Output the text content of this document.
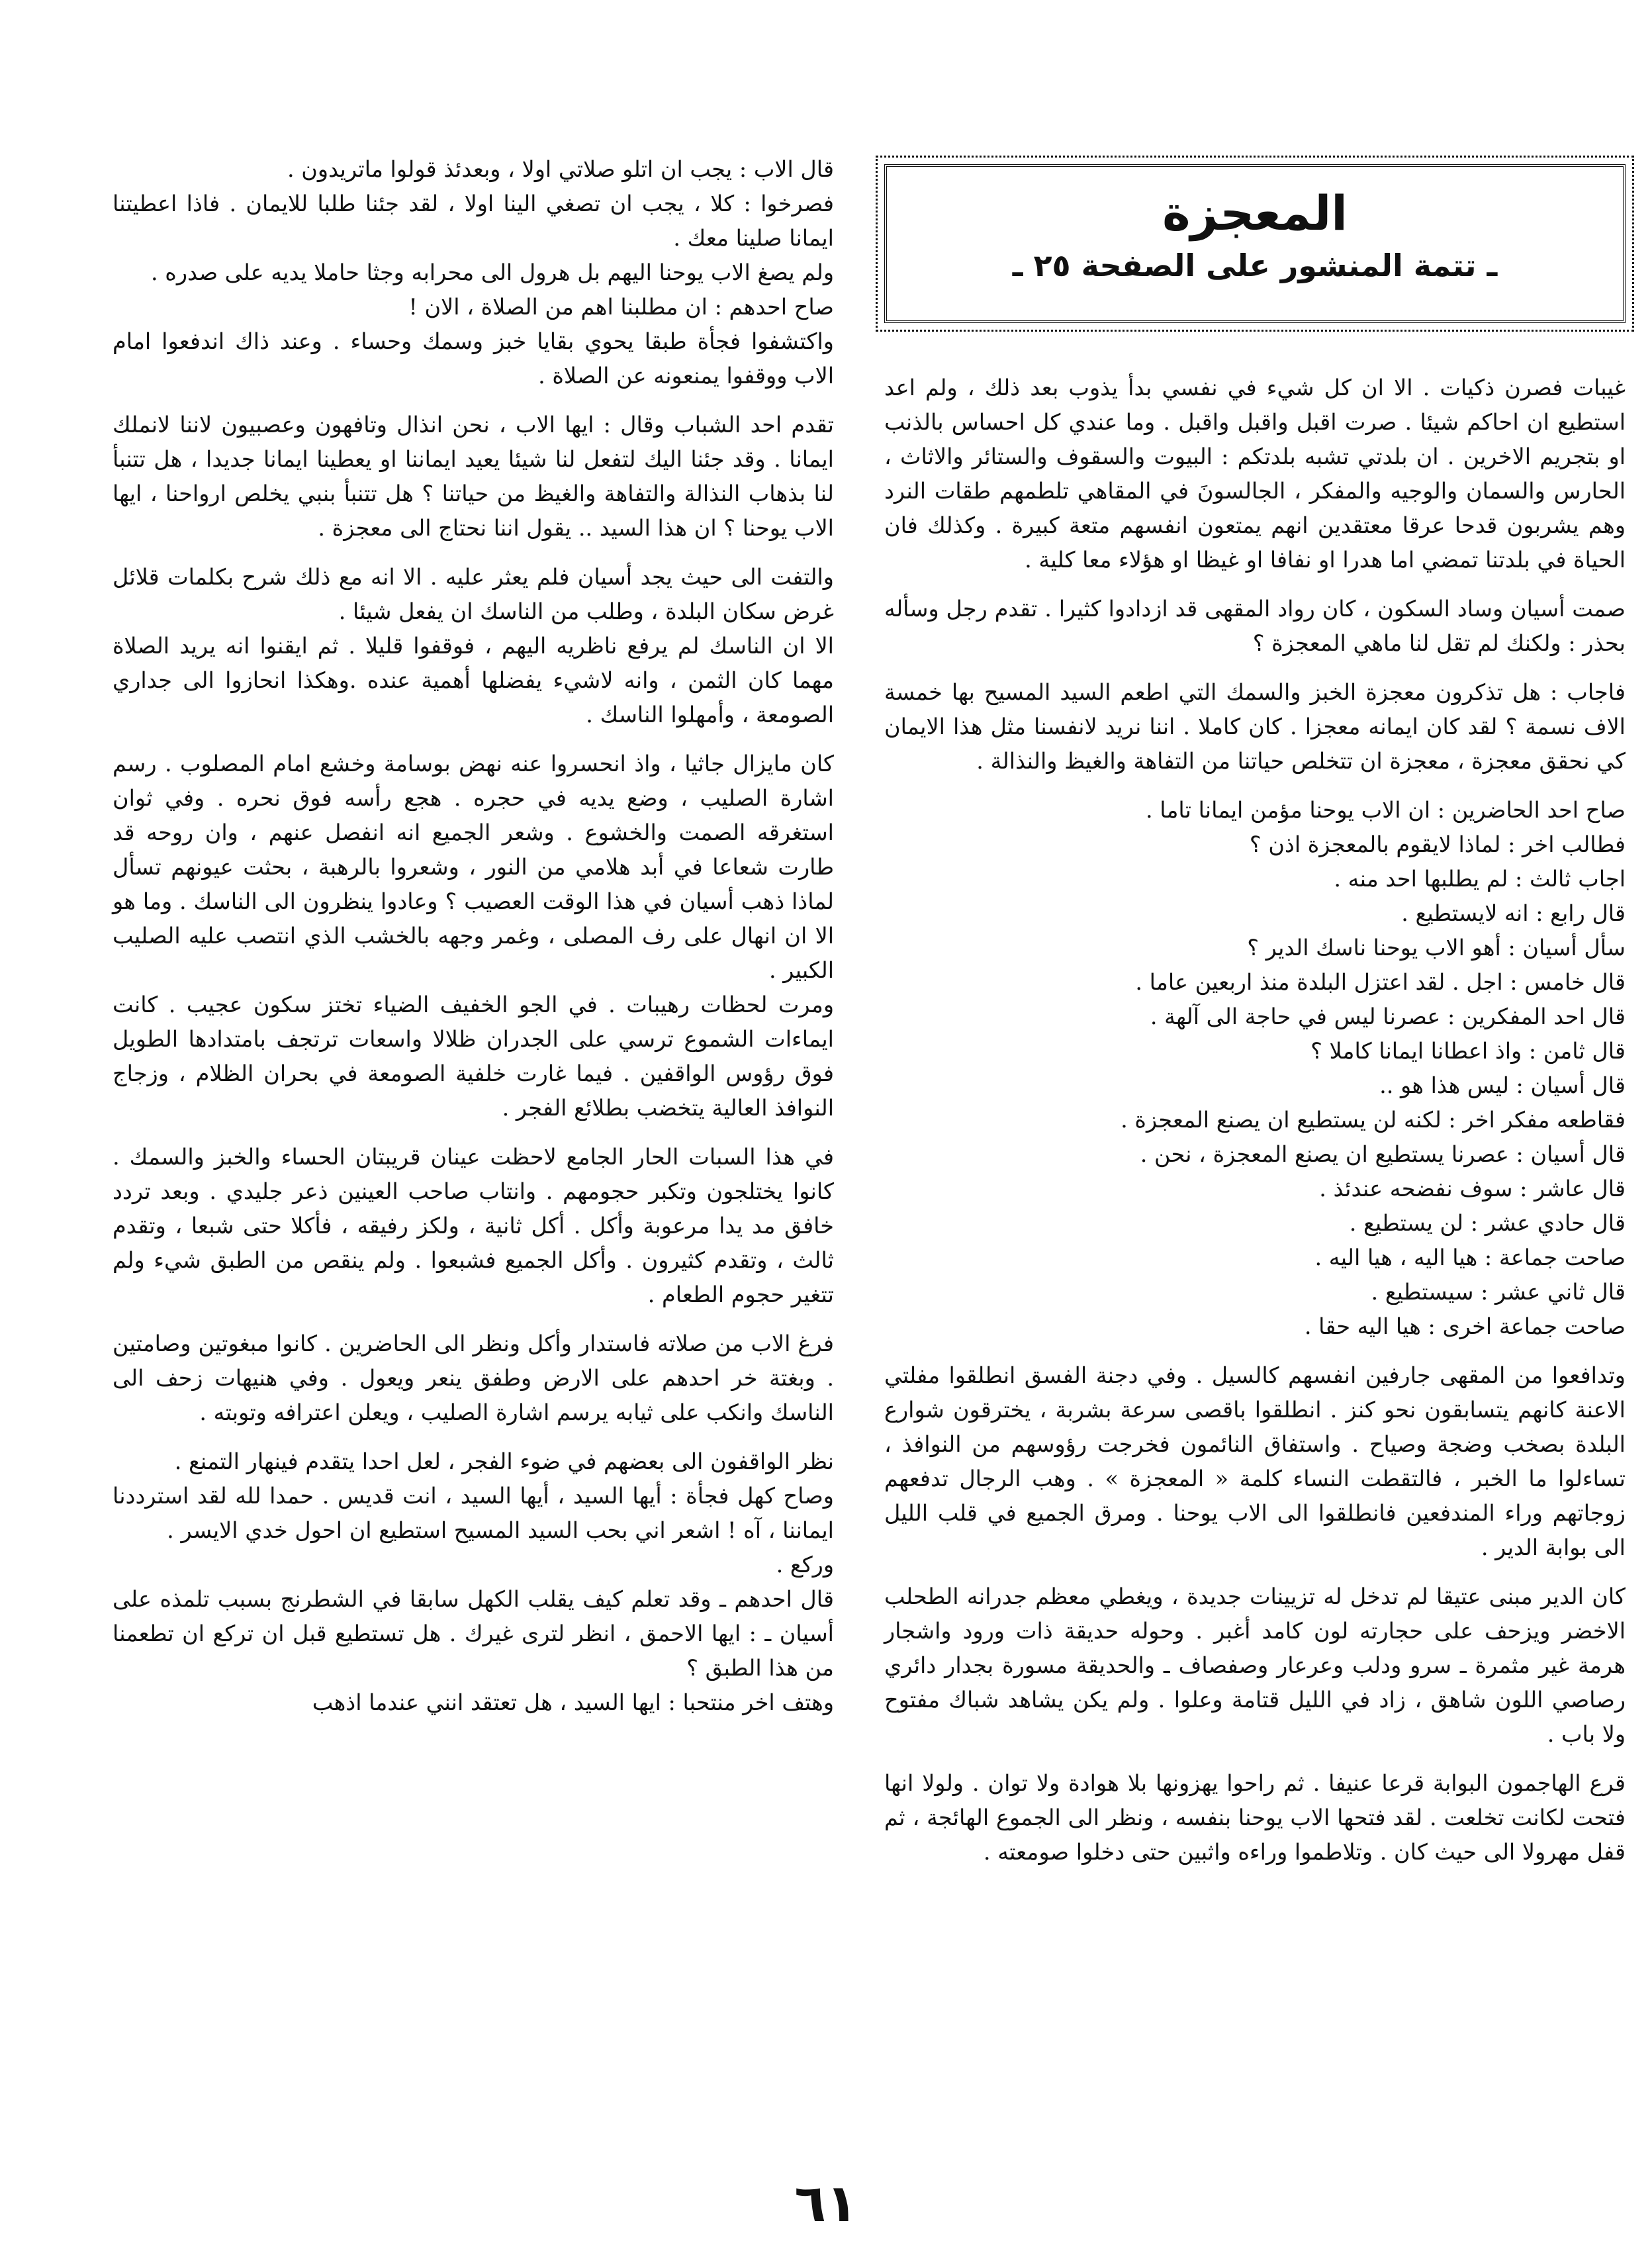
المعجزة
ـ تتمة المنشور على الصفحة ٢٥ ـ

غيبات فصرن ذكيات . الا ان كل شيء في نفسي بدأ يذوب بعد ذلك ، ولم اعد استطيع ان احاكم شيئا . صرت اقبل واقبل واقبل . وما عندي كل احساس بالذنب او بتجريم الاخرين . ان بلدتي تشبه بلدتكم : البيوت والسقوف والستائر والاثاث ، الحارس والسمان والوجيه والمفكر ، الجالسونَ في المقاهي تلطمهم طقات النرد وهم يشربون قدحا عرقا معتقدين انهم يمتعون انفسهم متعة كبيرة . وكذلك فان الحياة في بلدتنا تمضي اما هدرا او نفافا او غيظا او هؤلاء معا كلية .

صمت أسيان وساد السكون ، كان رواد المقهى قد ازدادوا كثيرا . تقدم رجل وسأله بحذر : ولكنك لم تقل لنا ماهي المعجزة ؟

فاجاب : هل تذكرون معجزة الخبز والسمك التي اطعم السيد المسيح بها خمسة الاف نسمة ؟ لقد كان ايمانه معجزا . كان كاملا . اننا نريد لانفسنا مثل هذا الايمان كي نحقق معجزة ، معجزة ان تتخلص حياتنا من التفاهة والغيظ والنذالة .

صاح احد الحاضرين : ان الاب يوحنا مؤمن ايمانا تاما .

فطالب اخر : لماذا لايقوم بالمعجزة اذن ؟

اجاب ثالث : لم يطلبها احد منه .

قال رابع : انه لايستطيع .

سأل أسيان : أهو الاب يوحنا ناسك الدير ؟

قال خامس : اجل . لقد اعتزل البلدة منذ اربعين عاما .

قال احد المفكرين : عصرنا ليس في حاجة الى آلهة .

قال ثامن : واذ اعطانا ايمانا كاملا ؟

قال أسيان : ليس هذا هو ..

فقاطعه مفكر اخر : لكنه لن يستطيع ان يصنع المعجزة .

قال أسيان : عصرنا يستطيع ان يصنع المعجزة ، نحن .

قال عاشر : سوف نفضحه عندئذ .

قال حادي عشر : لن يستطيع .

صاحت جماعة : هيا اليه ، هيا اليه .

قال ثاني عشر : سيستطيع .

صاحت جماعة اخرى : هيا اليه حقا .

وتدافعوا من المقهى جارفين انفسهم كالسيل . وفي دجنة الفسق انطلقوا مفلتي الاعنة كانهم يتسابقون نحو كنز . انطلقوا باقصى سرعة بشربة ، يخترقون شوارع البلدة بصخب وضجة وصياح . واستفاق النائمون فخرجت رؤوسهم من النوافذ ، تساءلوا ما الخبر ، فالتقطت النساء كلمة « المعجزة » . وهب الرجال تدفعهم زوجاتهم وراء المندفعين فانطلقوا الى الاب يوحنا . ومرق الجميع في قلب الليل الى بوابة الدير .

كان الدير مبنى عتيقا لم تدخل له تزيينات جديدة ، ويغطي معظم جدرانه الطحلب الاخضر ويزحف على حجارته لون كامد أغبر . وحوله حديقة ذات ورود واشجار هرمة غير مثمرة ـ سرو ودلب وعرعار وصفصاف ـ والحديقة مسورة بجدار دائري رصاصي اللون شاهق ، زاد في الليل قتامة وعلوا . ولم يكن يشاهد شباك مفتوح ولا باب .

قرع الهاجمون البوابة قرعا عنيفا . ثم راحوا يهزونها بلا هوادة ولا توان . ولولا انها فتحت لكانت تخلعت . لقد فتحها الاب يوحنا بنفسه ، ونظر الى الجموع الهائجة ، ثم قفل مهرولا الى حيث كان . وتلاطموا وراءه واثبين حتى دخلوا صومعته .

قال الاب : يجب ان اتلو صلاتي اولا ، وبعدئذ قولوا ماتريدون .

فصرخوا : كلا ، يجب ان تصغي الينا اولا ، لقد جئنا طلبا للايمان . فاذا اعطيتنا ايمانا صلينا معك .

ولم يصغ الاب يوحنا اليهم بل هرول الى محرابه وجثا حاملا يديه على صدره .

صاح احدهم : ان مطلبنا اهم من الصلاة ، الان !

واكتشفوا فجأة طبقا يحوي بقايا خبز وسمك وحساء . وعند ذاك اندفعوا امام الاب ووقفوا يمنعونه عن الصلاة .

تقدم احد الشباب وقال : ايها الاب ، نحن انذال وتافهون وعصبيون لاننا لانملك ايمانا . وقد جئنا اليك لتفعل لنا شيئا يعيد ايماننا او يعطينا ايمانا جديدا ، هل تتنبأ لنا بذهاب النذالة والتفاهة والغيظ من حياتنا ؟ هل تتنبأ بنبي يخلص ارواحنا ، ايها الاب يوحنا ؟ ان هذا السيد .. يقول اننا نحتاج الى معجزة .

والتفت الى حيث يجد أسيان فلم يعثر عليه . الا انه مع ذلك شرح بكلمات قلائل غرض سكان البلدة ، وطلب من الناسك ان يفعل شيئا .

الا ان الناسك لم يرفع ناظريه اليهم ، فوقفوا قليلا . ثم ايقنوا انه يريد الصلاة مهما كان الثمن ، وانه لاشيء يفضلها أهمية عنده .وهكذا انحازوا الى جداري الصومعة ، وأمهلوا الناسك .

كان مايزال جاثيا ، واذ انحسروا عنه نهض بوسامة وخشع امام المصلوب . رسم اشارة الصليب ، وضع يديه في حجره . هجع رأسه فوق نحره . وفي ثوان استغرقه الصمت والخشوع . وشعر الجميع انه انفصل عنهم ، وان روحه قد طارت شعاعا في أبد هلامي من النور ، وشعروا بالرهبة ، بحثت عيونهم تسأل لماذا ذهب أسيان في هذا الوقت العصيب ؟ وعادوا ينظرون الى الناسك . وما هو الا ان انهال على رف المصلى ، وغمر وجهه بالخشب الذي انتصب عليه الصليب الكبير .

ومرت لحظات رهيبات . في الجو الخفيف الضياء تختز سكون عجيب . كانت ايماءات الشموع ترسي على الجدران ظلالا واسعات ترتجف بامتدادها الطويل فوق رؤوس الواقفين . فيما غارت خلفية الصومعة في بحران الظلام ، وزجاج النوافذ العالية يتخضب بطلائع الفجر .

في هذا السبات الحار الجامع لاحظت عينان قريبتان الحساء والخبز والسمك . كانوا يختلجون وتكبر حجومهم . وانتاب صاحب العينين ذعر جليدي . وبعد تردد خافق مد يدا مرعوبة وأكل . أكل ثانية ، ولكز رفيقه ، فأكلا حتى شبعا ، وتقدم ثالث ، وتقدم كثيرون . وأكل الجميع فشبعوا . ولم ينقص من الطبق شيء ولم تتغير حجوم الطعام .

فرغ الاب من صلاته فاستدار وأكل ونظر الى الحاضرين . كانوا مبغوتين وصامتين . وبغتة خر احدهم على الارض وطفق ينعر ويعول . وفي هنيهات زحف الى الناسك وانكب على ثيابه يرسم اشارة الصليب ، ويعلن اعترافه وتوبته .

نظر الواقفون الى بعضهم في ضوء الفجر ، لعل احدا يتقدم فينهار التمنع .

وصاح كهل فجأة : أيها السيد ، أيها السيد ، انت قديس . حمدا لله لقد استرددنا ايماننا ، آه ! اشعر اني بحب السيد المسيح استطيع ان احول خدي الايسر .

وركع .

قال احدهم ـ وقد تعلم كيف يقلب الكهل سابقا في الشطرنج بسبب تلمذه على أسيان ـ : ايها الاحمق ، انظر لترى غيرك . هل تستطيع قبل ان تركع ان تطعمنا من هذا الطبق ؟

وهتف اخر منتحبا : ايها السيد ، هل تعتقد انني عندما اذهب

٦١
